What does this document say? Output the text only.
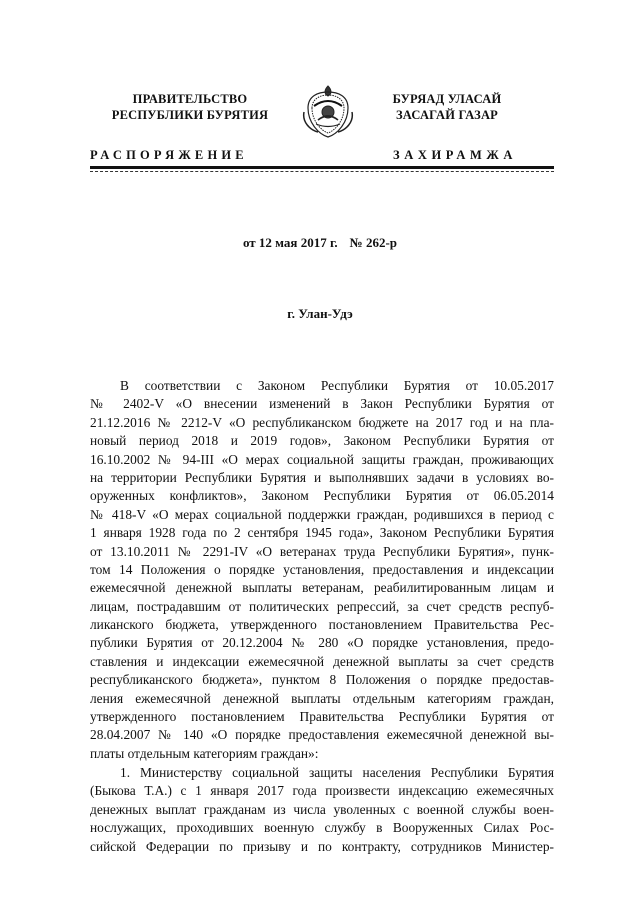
ПРАВИТЕЛЬСТВО
РЕСПУБЛИКИ БУРЯТИЯ
БУРЯАД УЛАСАЙ
ЗАСАГАЙ ГАЗАР
РАСПОРЯЖЕНИЕ	ЗАХИРАМЖА
от 12 мая 2017 г. № 262-р
г. Улан-Удэ
В соответствии с Законом Республики Бурятия от 10.05.2017
№ 2402-V «О внесении изменений в Закон Республики Бурятия от
21.12.2016 № 2212-V «О республиканском бюджете на 2017 год и на пла-
новый период 2018 и 2019 годов», Законом Республики Бурятия от
16.10.2002 № 94-III «О мерах социальной защиты граждан, проживающих
на территории Республики Бурятия и выполнявших задачи в условиях во-
оруженных конфликтов», Законом Республики Бурятия от 06.05.2014
№ 418-V «О мерах социальной поддержки граждан, родившихся в период с
1 января 1928 года по 2 сентября 1945 года», Законом Республики Бурятия
от 13.10.2011 № 2291-IV «О ветеранах труда Республики Бурятия», пунк-
том 14 Положения о порядке установления, предоставления и индексации
ежемесячной денежной выплаты ветеранам, реабилитированным лицам и
лицам, пострадавшим от политических репрессий, за счет средств респуб-
ликанского бюджета, утвержденного постановлением Правительства Рес-
публики Бурятия от 20.12.2004 № 280 «О порядке установления, предо-
ставления и индексации ежемесячной денежной выплаты за счет средств
республиканского бюджета», пунктом 8 Положения о порядке предостав-
ления ежемесячной денежной выплаты отдельным категориям граждан,
утвержденного постановлением Правительства Республики Бурятия от
28.04.2007 № 140 «О порядке предоставления ежемесячной денежной вы-
платы отдельным категориям граждан»:
1. Министерству социальной защиты населения Республики Бурятия
(Быкова Т.А.) с 1 января 2017 года произвести индексацию ежемесячных
денежных выплат гражданам из числа уволенных с военной службы воен-
нослужащих, проходивших военную службу в Вооруженных Силах Рос-
сийской Федерации по призыву и по контракту, сотрудников Министер-
